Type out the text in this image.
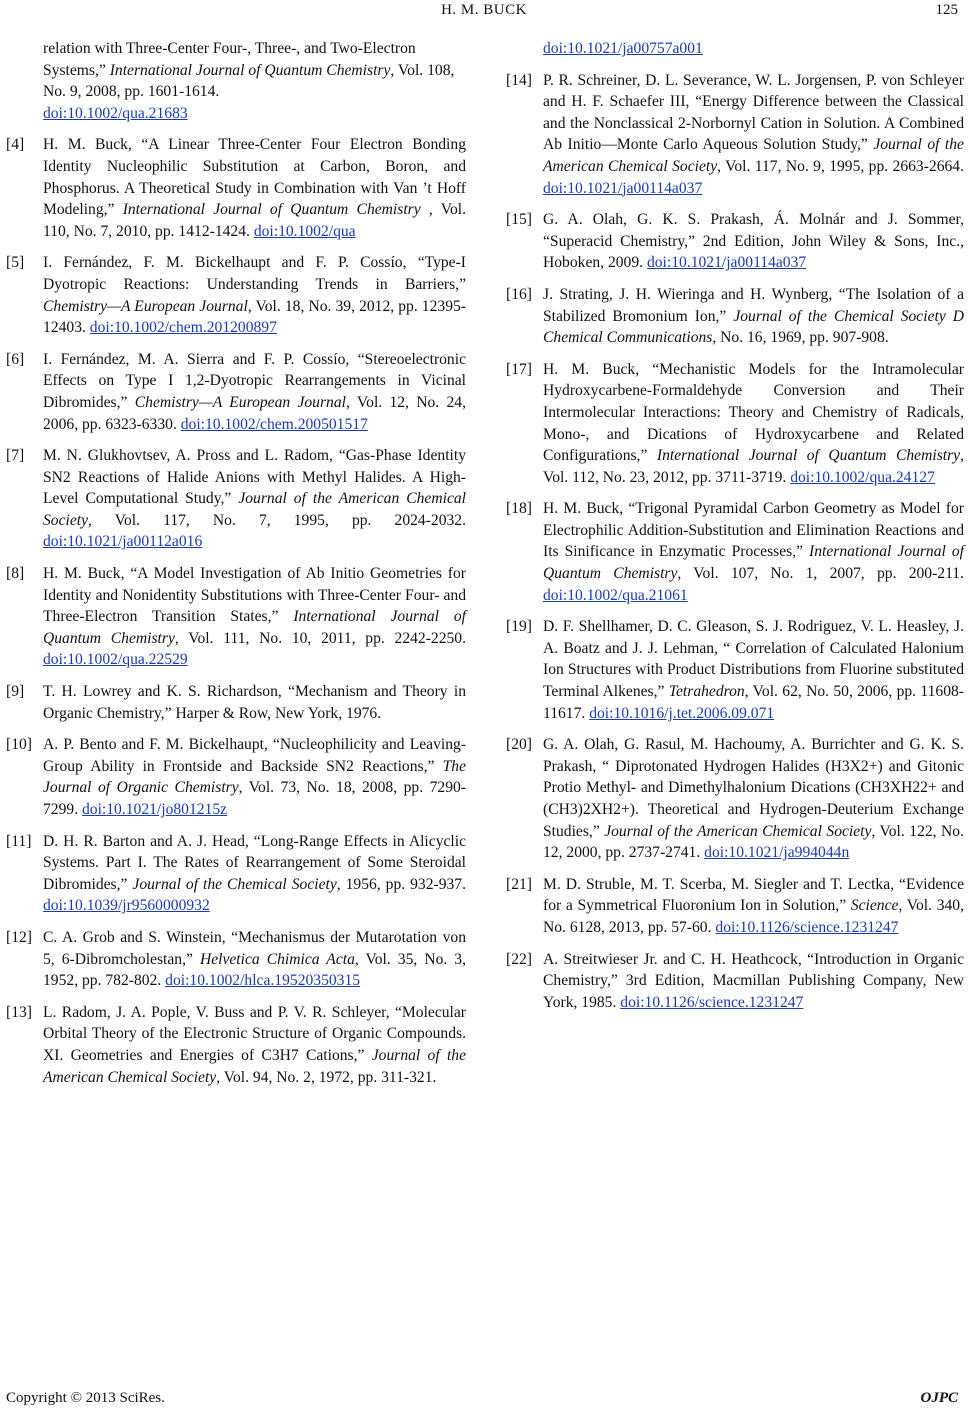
H. M. BUCK	125
relation with Three-Center Four-, Three-, and Two-Electron Systems,” International Journal of Quantum Chemistry, Vol. 108, No. 9, 2008, pp. 1601-1614.
doi:10.1002/qua.21683
[4] H. M. Buck, “A Linear Three-Center Four Electron Bonding Identity Nucleophilic Substitution at Carbon, Boron, and Phosphorus. A Theoretical Study in Combination with Van ’t Hoff Modeling,” International Journal of Quantum Chemistry , Vol. 110, No. 7, 2010, pp. 1412-1424. doi:10.1002/qua
[5] I. Fernández, F. M. Bickelhaupt and F. P. Cossío, “Type-I Dyotropic Reactions: Understanding Trends in Barriers,” Chemistry—A European Journal, Vol. 18, No. 39, 2012, pp. 12395-12403. doi:10.1002/chem.201200897
[6] I. Fernández, M. A. Sierra and F. P. Cossío, “Stereoelectronic Effects on Type I 1,2-Dyotropic Rearrangements in Vicinal Dibromides,” Chemistry—A European Journal, Vol. 12, No. 24, 2006, pp. 6323-6330. doi:10.1002/chem.200501517
[7] M. N. Glukhovtsev, A. Pross and L. Radom, “Gas-Phase Identity SN2 Reactions of Halide Anions with Methyl Halides. A High-Level Computational Study,” Journal of the American Chemical Society, Vol. 117, No. 7, 1995, pp. 2024-2032. doi:10.1021/ja00112a016
[8] H. M. Buck, “A Model Investigation of Ab Initio Geometries for Identity and Nonidentity Substitutions with Three-Center Four- and Three-Electron Transition States,” International Journal of Quantum Chemistry, Vol. 111, No. 10, 2011, pp. 2242-2250. doi:10.1002/qua.22529
[9] T. H. Lowrey and K. S. Richardson, “Mechanism and Theory in Organic Chemistry,” Harper & Row, New York, 1976.
[10] A. P. Bento and F. M. Bickelhaupt, “Nucleophilicity and Leaving-Group Ability in Frontside and Backside SN2 Reactions,” The Journal of Organic Chemistry, Vol. 73, No. 18, 2008, pp. 7290-7299. doi:10.1021/jo801215z
[11] D. H. R. Barton and A. J. Head, “Long-Range Effects in Alicyclic Systems. Part I. The Rates of Rearrangement of Some Steroidal Dibromides,” Journal of the Chemical Society, 1956, pp. 932-937. doi:10.1039/jr9560000932
[12] C. A. Grob and S. Winstein, “Mechanismus der Mutarotation von 5, 6-Dibromcholestan,” Helvetica Chimica Acta, Vol. 35, No. 3, 1952, pp. 782-802. doi:10.1002/hlca.19520350315
[13] L. Radom, J. A. Pople, V. Buss and P. V. R. Schleyer, “Molecular Orbital Theory of the Electronic Structure of Organic Compounds. XI. Geometries and Energies of C3H7 Cations,” Journal of the American Chemical Society, Vol. 94, No. 2, 1972, pp. 311-321.
doi:10.1021/ja00757a001
[14] P. R. Schreiner, D. L. Severance, W. L. Jorgensen, P. von Schleyer and H. F. Schaefer III, “Energy Difference between the Classical and the Nonclassical 2-Norbornyl Cation in Solution. A Combined Ab Initio—Monte Carlo Aqueous Solution Study,” Journal of the American Chemical Society, Vol. 117, No. 9, 1995, pp. 2663-2664. doi:10.1021/ja00114a037
[15] G. A. Olah, G. K. S. Prakash, Á. Molnár and J. Sommer, “Superacid Chemistry,” 2nd Edition, John Wiley & Sons, Inc., Hoboken, 2009. doi:10.1021/ja00114a037
[16] J. Strating, J. H. Wieringa and H. Wynberg, “The Isolation of a Stabilized Bromonium Ion,” Journal of the Chemical Society D Chemical Communications, No. 16, 1969, pp. 907-908.
[17] H. M. Buck, “Mechanistic Models for the Intramolecular Hydroxycarbene-Formaldehyde Conversion and Their Intermolecular Interactions: Theory and Chemistry of Radicals, Mono-, and Dications of Hydroxycarbene and Related Configurations,” International Journal of Quantum Chemistry, Vol. 112, No. 23, 2012, pp. 3711-3719. doi:10.1002/qua.24127
[18] H. M. Buck, “Trigonal Pyramidal Carbon Geometry as Model for Electrophilic Addition-Substitution and Elimination Reactions and Its Sinificance in Enzymatic Processes,” International Journal of Quantum Chemistry, Vol. 107, No. 1, 2007, pp. 200-211. doi:10.1002/qua.21061
[19] D. F. Shellhamer, D. C. Gleason, S. J. Rodriguez, V. L. Heasley, J. A. Boatz and J. J. Lehman, “ Correlation of Calculated Halonium Ion Structures with Product Distributions from Fluorine substituted Terminal Alkenes,” Tetrahedron, Vol. 62, No. 50, 2006, pp. 11608-11617. doi:10.1016/j.tet.2006.09.071
[20] G. A. Olah, G. Rasul, M. Hachoumy, A. Burrichter and G. K. S. Prakash, “ Diprotonated Hydrogen Halides (H3X2+) and Gitonic Protio Methyl- and Dimethylhalonium Dications (CH3XH22+ and (CH3)2XH2+). Theoretical and Hydrogen-Deuterium Exchange Studies,” Journal of the American Chemical Society, Vol. 122, No. 12, 2000, pp. 2737-2741. doi:10.1021/ja994044n
[21] M. D. Struble, M. T. Scerba, M. Siegler and T. Lectka, “Evidence for a Symmetrical Fluoronium Ion in Solution,” Science, Vol. 340, No. 6128, 2013, pp. 57-60. doi:10.1126/science.1231247
[22] A. Streitwieser Jr. and C. H. Heathcock, “Introduction in Organic Chemistry,” 3rd Edition, Macmillan Publishing Company, New York, 1985. doi:10.1126/science.1231247
Copyright © 2013 SciRes.	OJPC
